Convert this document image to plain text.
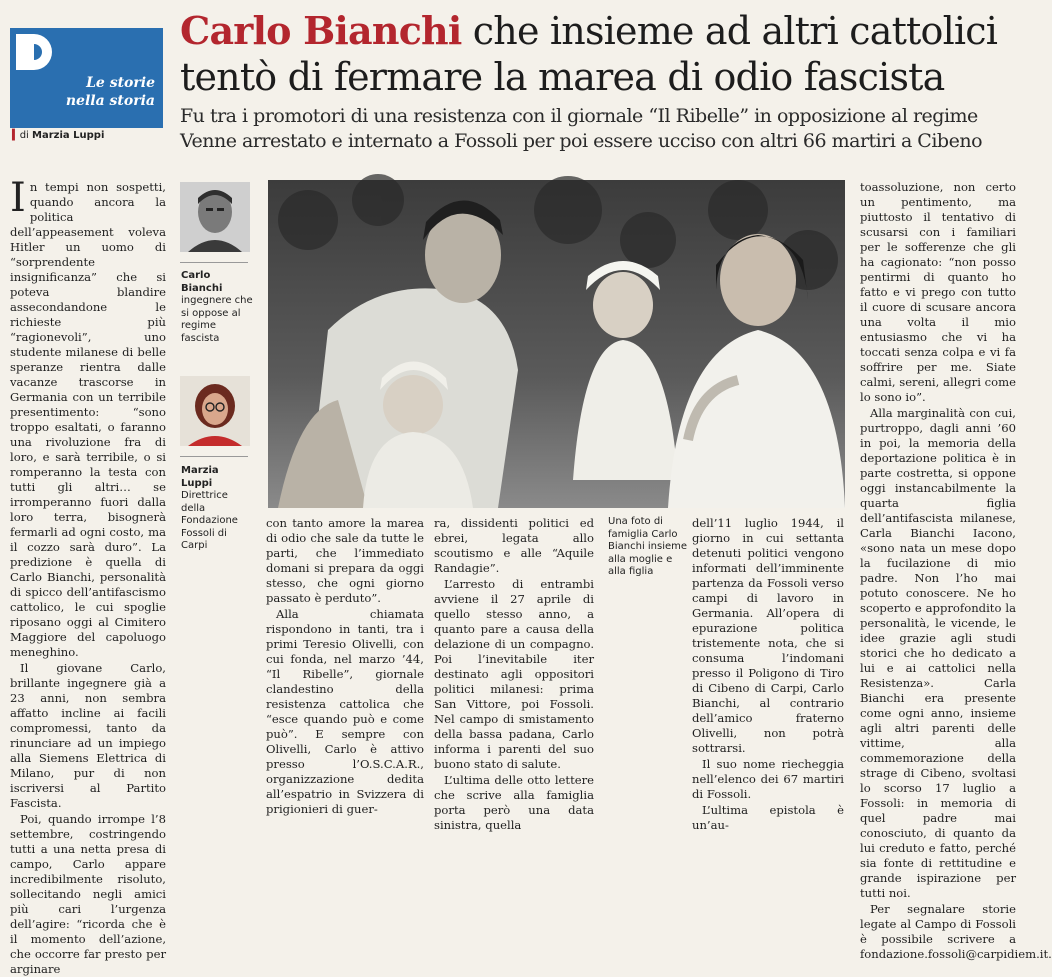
Le storie
nella storia
▍di Marzia Luppi
Carlo Bianchi che insieme ad altri cattolici
tentò di fermare la marea di odio fascista
Fu tra i promotori di una resistenza con il giornale “Il Ribelle” in opposizione al regime
Venne arrestato e internato a Fossoli per poi essere ucciso con altri 66 martiri a Cibeno

In tempi non sospetti, quando ancora la politica dell’appeasement voleva Hitler un uomo di “sorprendente insignificanza” che si poteva blandire assecondandone le richieste più “ragionevoli”, uno studente milanese di belle speranze rientra dalle vacanze trascorse in Germania con un terribile presentimento: “sono troppo esaltati, o faranno una rivoluzione fra di loro, e sarà terribile, o si romperanno la testa con tutti gli altri… se irromperanno fuori dalla loro terra, bisognerà fermarli ad ogni costo, ma il cozzo sarà duro”. La predizione è quella di Carlo Bianchi, personalità di spicco dell’antifascismo cattolico, le cui spoglie riposano oggi al Cimitero Maggiore del capoluogo meneghino.

Il giovane Carlo, brillante ingegnere già a 23 anni, non sembra affatto incline ai facili compromessi, tanto da rinunciare ad un impiego alla Siemens Elettrica di Milano, pur di non iscriversi al Partito Fascista.

Poi, quando irrompe l’8 settembre, costringendo tutti a una netta presa di campo, Carlo appare incredibilmente risoluto, sollecitando negli amici più cari l’urgenza dell’agire: “ricorda che è il momento dell’azione, che occorre far presto per arginare

Carlo Bianchi
ingegnere che si oppose al regime fascista
Marzia Luppi
Direttrice della Fondazione Fossoli di Carpi

con tanto amore la marea di odio che sale da tutte le parti, che l’immediato domani si prepara da oggi stesso, che ogni giorno passato è perduto”.

Alla chiamata rispondono in tanti, tra i primi Teresio Olivelli, con cui fonda, nel marzo ’44, “Il Ribelle”, giornale clandestino della resistenza cattolica che “esce quando può e come può”. E sempre con Olivelli, Carlo è attivo presso l’O.S.C.A.R., organizzazione dedita all’espatrio in Svizzera di prigionieri di guer-

ra, dissidenti politici ed ebrei, legata allo scoutismo e alle “Aquile Randagie”.

L’arresto di entrambi avviene il 27 aprile di quello stesso anno, a quanto pare a causa della delazione di un compagno. Poi l’inevitabile iter destinato agli oppositori politici milanesi: prima San Vittore, poi Fossoli. Nel campo di smistamento della bassa padana, Carlo informa i parenti del suo buono stato di salute.

L’ultima delle otto lettere che scrive alla famiglia porta però una data sinistra, quella

Una foto di famiglia Carlo Bianchi insieme alla moglie e alla figlia

dell’11 luglio 1944, il giorno in cui settanta detenuti politici vengono informati dell’imminente partenza da Fossoli verso campi di lavoro in Germania. All’opera di epurazione politica tristemente nota, che si consuma l’indomani presso il Poligono di Tiro di Cibeno di Carpi, Carlo Bianchi, al contrario dell’amico fraterno Olivelli, non potrà sottrarsi.

Il suo nome riecheggia nell’elenco dei 67 martiri di Fossoli.

L’ultima epistola è un’au-

toassoluzione, non certo un pentimento, ma piuttosto il tentativo di scusarsi con i familiari per le sofferenze che gli ha cagionato: “non posso pentirmi di quanto ho fatto e vi prego con tutto il cuore di scusare ancora una volta il mio entusiasmo che vi ha toccati senza colpa e vi fa soffrire per me. Siate calmi, sereni, allegri come lo sono io”.

Alla marginalità con cui, purtroppo, dagli anni ’60 in poi, la memoria della deportazione politica è in parte costretta, si oppone oggi instancabilmente la quarta figlia dell’antifascista milanese, Carla Bianchi Iacono, «sono nata un mese dopo la fucilazione di mio padre. Non l’ho mai potuto conoscere. Ne ho scoperto e approfondito la personalità, le vicende, le idee grazie agli studi storici che ho dedicato a lui e ai cattolici nella Resistenza». Carla Bianchi era presente come ogni anno, insieme agli altri parenti delle vittime, alla commemorazione della strage di Cibeno, svoltasi lo scorso 17 luglio a Fossoli: in memoria di quel padre mai conosciuto, di quanto da lui creduto e fatto, perché sia fonte di rettitudine e grande ispirazione per tutti noi.

Per segnalare storie legate al Campo di Fossoli è possibile scrivere a fondazione.fossoli@carpidiem.it.
